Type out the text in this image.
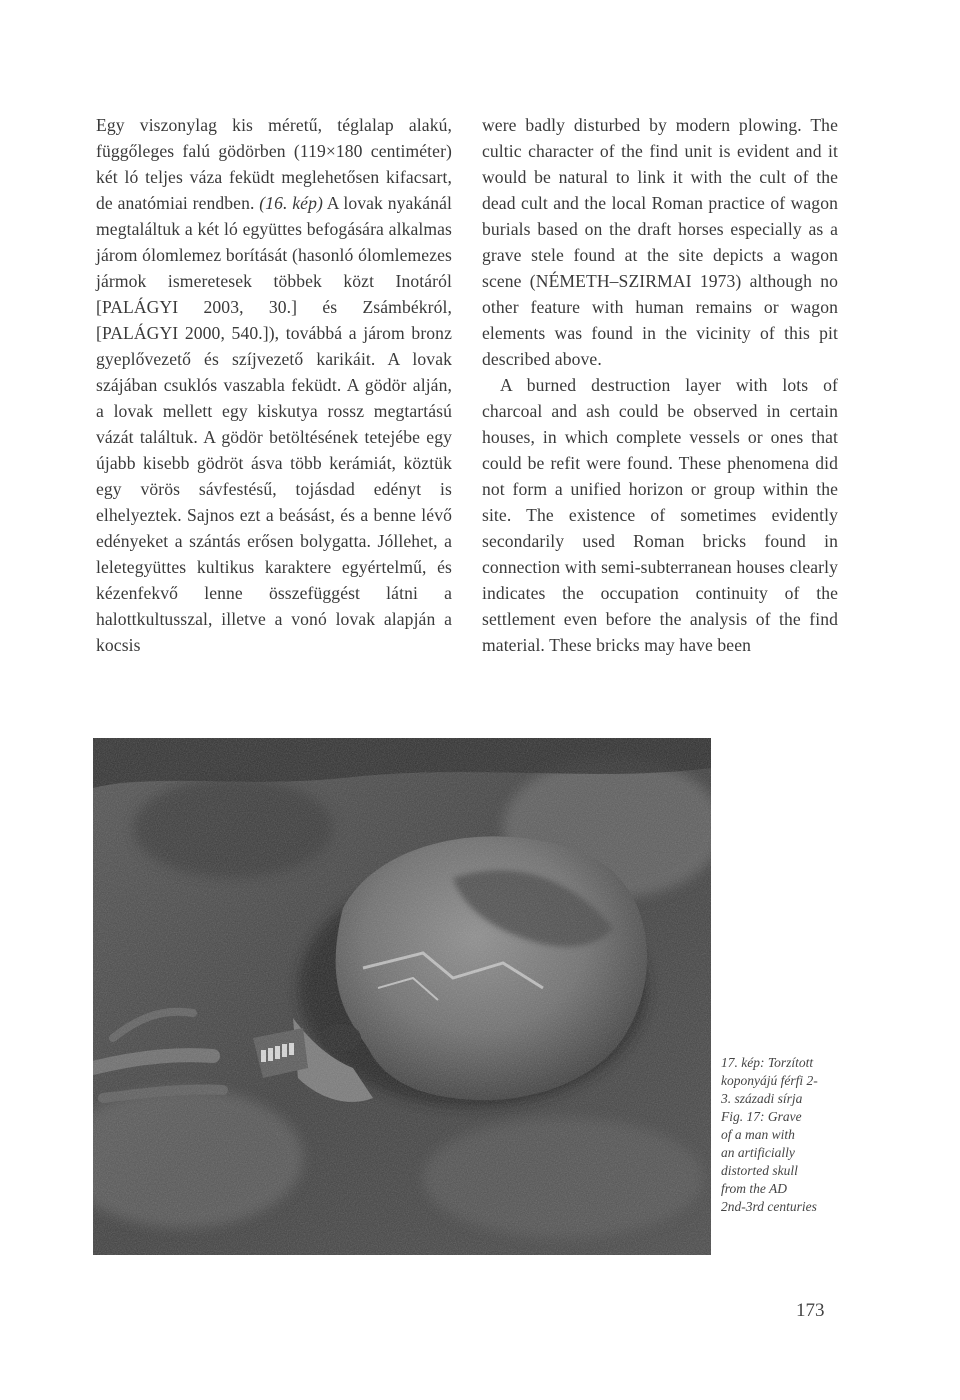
Egy viszonylag kis méretű, téglalap alakú, függőleges falú gödörben (119×180 centiméter) két ló teljes váza feküdt meglehetősen kifacsart, de anatómiai rendben. (16. kép) A lovak nyakánál megtaláltuk a két ló együttes befogására alkalmas járom ólomlemez borítását (hasonló ólomlemezes jármok ismeretesek többek közt Inotáról [PALÁGYI 2003, 30.] és Zsámbékról, [PALÁGYI 2000, 540.]), továbbá a járom bronz gyeplővezető és szíjvezető karikáit. A lovak szájában csuklós vaszabla feküdt. A gödör alján, a lovak mellett egy kiskutya rossz megtartású vázát találtuk. A gödör betöltésének tetejébe egy újabb kisebb gödröt ásva több kerámiát, köztük egy vörös sávfestésű, tojásdad edényt is elhelyeztek. Sajnos ezt a beásást, és a benne lévő edényeket a szántás erősen bolygatta. Jóllehet, a leletegyüttes kultikus karaktere egyértelmű, és kézenfekvő lenne összefüggést látni a halottkultusszal, illetve a vonó lovak alapján a kocsis

were badly disturbed by modern plowing. The cultic character of the find unit is evident and it would be natural to link it with the cult of the dead cult and the local Roman practice of wagon burials based on the draft horses especially as a grave stele found at the site depicts a wagon scene (NÉMETH–SZIRMAI 1973) although no other feature with human remains or wagon elements was found in the vicinity of this pit described above.

A burned destruction layer with lots of charcoal and ash could be observed in certain houses, in which complete vessels or ones that could be refit were found. These phenomena did not form a unified horizon or group within the site. The existence of sometimes evidently secondarily used Roman bricks found in connection with semi-subterranean houses clearly indicates the occupation continuity of the settlement even before the analysis of the find material. These bricks may have been

17. kép: Torzított
koponyájú férfi 2-
3. századi sírja
Fig. 17: Grave
of a man with
an artificially
distorted skull
from the AD
2nd-3rd centuries
173
